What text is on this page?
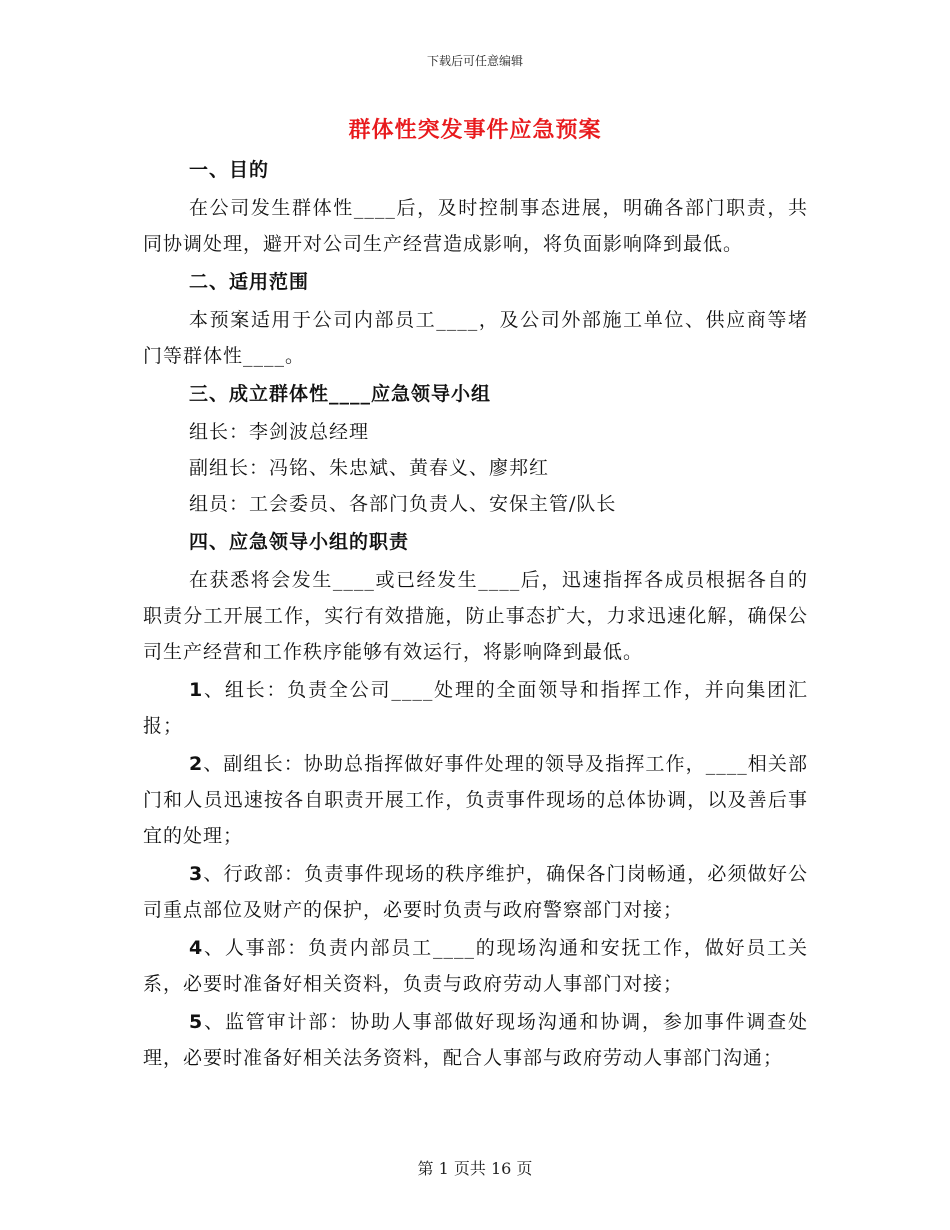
下载后可任意编辑
群体性突发事件应急预案
一、目的
在公司发生群体性____后，及时控制事态进展，明确各部门职责，共同协调处理，避开对公司生产经营造成影响，将负面影响降到最低。
二、适用范围
本预案适用于公司内部员工____，及公司外部施工单位、供应商等堵门等群体性____。
三、成立群体性____应急领导小组
组长：李剑波总经理
副组长：冯铭、朱忠斌、黄春义、廖邦红
组员：工会委员、各部门负责人、安保主管/队长
四、应急领导小组的职责
在获悉将会发生____或已经发生____后，迅速指挥各成员根据各自的职责分工开展工作，实行有效措施，防止事态扩大，力求迅速化解，确保公司生产经营和工作秩序能够有效运行，将影响降到最低。
1、组长：负责全公司____处理的全面领导和指挥工作，并向集团汇报；
2、副组长：协助总指挥做好事件处理的领导及指挥工作，____相关部门和人员迅速按各自职责开展工作，负责事件现场的总体协调，以及善后事宜的处理；
3、行政部：负责事件现场的秩序维护，确保各门岗畅通，必须做好公司重点部位及财产的保护，必要时负责与政府警察部门对接；
4、人事部：负责内部员工____的现场沟通和安抚工作，做好员工关系，必要时准备好相关资料，负责与政府劳动人事部门对接；
5、监管审计部：协助人事部做好现场沟通和协调，参加事件调查处理，必要时准备好相关法务资料，配合人事部与政府劳动人事部门沟通；
第 1 页共 16 页
